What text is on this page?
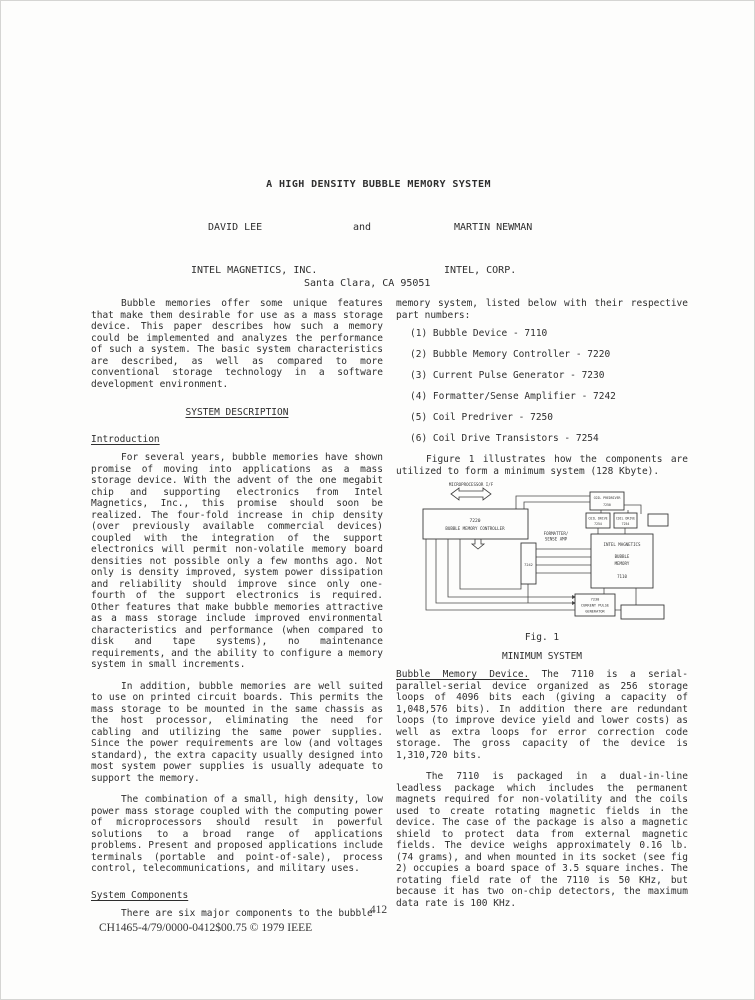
A HIGH DENSITY BUBBLE MEMORY SYSTEM
DAVID LEE	and	MARTIN NEWMAN
INTEL MAGNETICS, INC.	INTEL, CORP.
Santa Clara, CA 95051

Bubble memories offer some unique features that make them desirable for use as a mass storage device. This paper describes how such a memory could be implemented and analyzes the performance of such a system. The basic system characteristics are described, as well as compared to more conventional storage technology in a software development environment.

SYSTEM DESCRIPTION
Introduction

For several years, bubble memories have shown promise of moving into applications as a mass storage device. With the advent of the one megabit chip and supporting electronics from Intel Magnetics, Inc., this promise should soon be realized. The four-fold increase in chip density (over previously available commercial devices) coupled with the integration of the support electronics will permit non-volatile memory board densities not possible only a few months ago. Not only is density improved, system power dissipation and reliability should improve since only one-fourth of the support electronics is required. Other features that make bubble memories attractive as a mass storage include improved environmental characteristics and performance (when compared to disk and tape systems), no maintenance requirements, and the ability to configure a memory system in small increments.

In addition, bubble memories are well suited to use on printed circuit boards. This permits the mass storage to be mounted in the same chassis as the host processor, eliminating the need for cabling and utilizing the same power supplies. Since the power requirements are low (and voltages standard), the extra capacity usually designed into most system power supplies is usually adequate to support the memory.

The combination of a small, high density, low power mass storage coupled with the computing power of microprocessors should result in powerful solutions to a broad range of applications problems. Present and proposed applications include terminals (portable and point-of-sale), process control, telecommunications, and military uses.

System Components

There are six major components to the bubble

memory system, listed below with their respective part numbers:

(1) Bubble Device - 7110
(2) Bubble Memory Controller - 7220
(3) Current Pulse Generator - 7230
(4) Formatter/Sense Amplifier - 7242
(5) Coil Predriver - 7250
(6) Coil Drive Transistors - 7254

Figure 1 illustrates how the components are utilized to form a minimum system (128 Kbyte).

MICROPROCESSOR I/F
7220
BUBBLE MEMORY CONTROLLER
FORMATTER/
SENSE AMP
7242
COIL PREDRIVER
7250
COIL DRIVE
7254
COIL DRIVE
7254
INTEL MAGNETICS
BUBBLE
MEMORY
7110
7230
CURRENT PULSE
GENERATOR
Fig. 1
MINIMUM SYSTEM

Bubble Memory Device. The 7110 is a serial-parallel-serial device organized as 256 storage loops of 4096 bits each (giving a capacity of 1,048,576 bits). In addition there are redundant loops (to improve device yield and lower costs) as well as extra loops for error correction code storage. The gross capacity of the device is 1,310,720 bits.

The 7110 is packaged in a dual-in-line leadless package which includes the permanent magnets required for non-volatility and the coils used to create rotating magnetic fields in the device. The case of the package is also a magnetic shield to protect data from external magnetic fields. The device weighs approximately 0.16 lb. (74 grams), and when mounted in its socket (see fig 2) occupies a board space of 3.5 square inches. The rotating field rate of the 7110 is 50 KHz, but because it has two on-chip detectors, the maximum data rate is 100 KHz.

412
CH1465-4/79/0000-0412$00.75 © 1979 IEEE
